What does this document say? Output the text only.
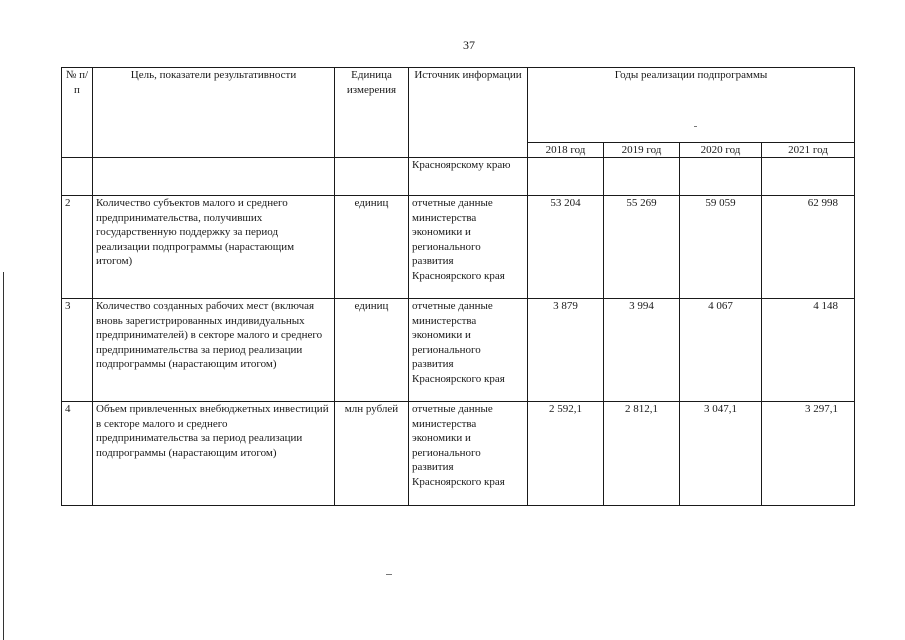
37
№ п/п	Цель, показатели результативности	Единица измерения	Источник информации	Годы реализации подпрограммы			
				2018 год	2019 год	2020 год	2021 год
			Красноярскому краю				
2	Количество субъектов малого и среднего предпринимательства, получивших государственную поддержку за период реализации подпрограммы (нарастающим итогом)	единиц	отчетные данные министерства экономики и регионального развития Красноярского края	53 204	55 269	59 059	62 998
3	Количество созданных рабочих мест (включая вновь зарегистрированных индивидуальных предпринимателей) в секторе малого и среднего предпринимательства за период реализации подпрограммы (нарастающим итогом)	единиц	отчетные данные министерства экономики и регионального развития Красноярского края	3 879	3 994	4 067	4 148
4	Объем привлеченных внебюджетных инвестиций в секторе малого и среднего предпринимательства за период реализации подпрограммы (нарастающим итогом)	млн рублей	отчетные данные министерства экономики и регионального развития Красноярского края	2 592,1	2 812,1	3 047,1	3 297,1
